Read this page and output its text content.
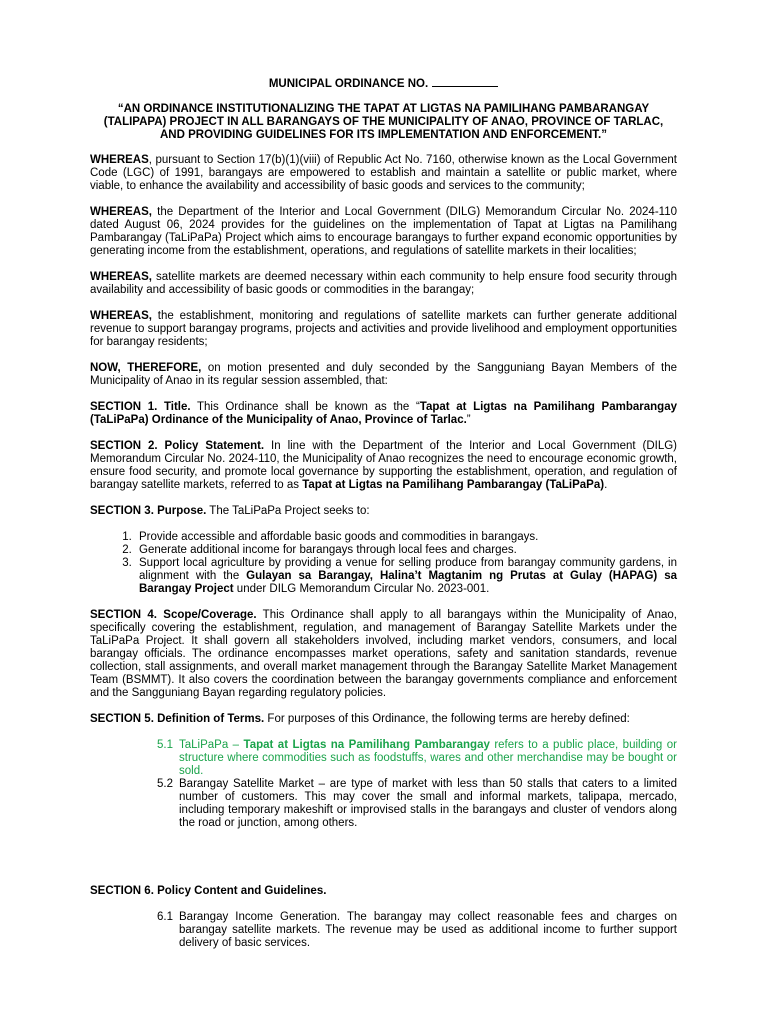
MUNICIPAL ORDINANCE NO.
“AN ORDINANCE INSTITUTIONALIZING THE TAPAT AT LIGTAS NA PAMILIHANG PAMBARANGAY (TALIPAPA) PROJECT IN ALL BARANGAYS OF THE MUNICIPALITY OF ANAO, PROVINCE OF TARLAC, AND PROVIDING GUIDELINES FOR ITS IMPLEMENTATION AND ENFORCEMENT.”

WHEREAS, pursuant to Section 17(b)(1)(viii) of Republic Act No. 7160, otherwise known as the Local Government Code (LGC) of 1991, barangays are empowered to establish and maintain a satellite or public market, where viable, to enhance the availability and accessibility of basic goods and services to the community;

WHEREAS, the Department of the Interior and Local Government (DILG) Memorandum Circular No. 2024-110 dated August 06, 2024 provides for the guidelines on the implementation of Tapat at Ligtas na Pamilihang Pambarangay (TaLiPaPa) Project which aims to encourage barangays to further expand economic opportunities by generating income from the establishment, operations, and regulations of satellite markets in their localities;

WHEREAS, satellite markets are deemed necessary within each community to help ensure food security through availability and accessibility of basic goods or commodities in the barangay;

WHEREAS, the establishment, monitoring and regulations of satellite markets can further generate additional revenue to support barangay programs, projects and activities and provide livelihood and employment opportunities for barangay residents;

NOW, THEREFORE, on motion presented and duly seconded by the Sangguniang Bayan Members of the Municipality of Anao in its regular session assembled, that:

SECTION 1. Title. This Ordinance shall be known as the “Tapat at Ligtas na Pamilihang Pambarangay (TaLiPaPa) Ordinance of the Municipality of Anao, Province of Tarlac.”

SECTION 2. Policy Statement. In line with the Department of the Interior and Local Government (DILG) Memorandum Circular No. 2024-110, the Municipality of Anao recognizes the need to encourage economic growth, ensure food security, and promote local governance by supporting the establishment, operation, and regulation of barangay satellite markets, referred to as Tapat at Ligtas na Pamilihang Pambarangay (TaLiPaPa).

SECTION 3. Purpose. The TaLiPaPa Project seeks to:

1. Provide accessible and affordable basic goods and commodities in barangays.
2. Generate additional income for barangays through local fees and charges.
3. Support local agriculture by providing a venue for selling produce from barangay community gardens, in alignment with the Gulayan sa Barangay, Halina’t Magtanim ng Prutas at Gulay (HAPAG) sa Barangay Project under DILG Memorandum Circular No. 2023-001.

SECTION 4. Scope/Coverage. This Ordinance shall apply to all barangays within the Municipality of Anao, specifically covering the establishment, regulation, and management of Barangay Satellite Markets under the TaLiPaPa Project. It shall govern all stakeholders involved, including market vendors, consumers, and local barangay officials. The ordinance encompasses market operations, safety and sanitation standards, revenue collection, stall assignments, and overall market management through the Barangay Satellite Market Management Team (BSMMT). It also covers the coordination between the barangay governments compliance and enforcement and the Sangguniang Bayan regarding regulatory policies.

SECTION 5. Definition of Terms. For purposes of this Ordinance, the following terms are hereby defined:

5.1 TaLiPaPa – Tapat at Ligtas na Pamilihang Pambarangay refers to a public place, building or structure where commodities such as foodstuffs, wares and other merchandise may be bought or sold.
5.2 Barangay Satellite Market – are type of market with less than 50 stalls that caters to a limited number of customers. This may cover the small and informal markets, talipapa, mercado, including temporary makeshift or improvised stalls in the barangays and cluster of vendors along the road or junction, among others.

SECTION 6. Policy Content and Guidelines.

6.1 Barangay Income Generation. The barangay may collect reasonable fees and charges on barangay satellite markets. The revenue may be used as additional income to further support delivery of basic services.
